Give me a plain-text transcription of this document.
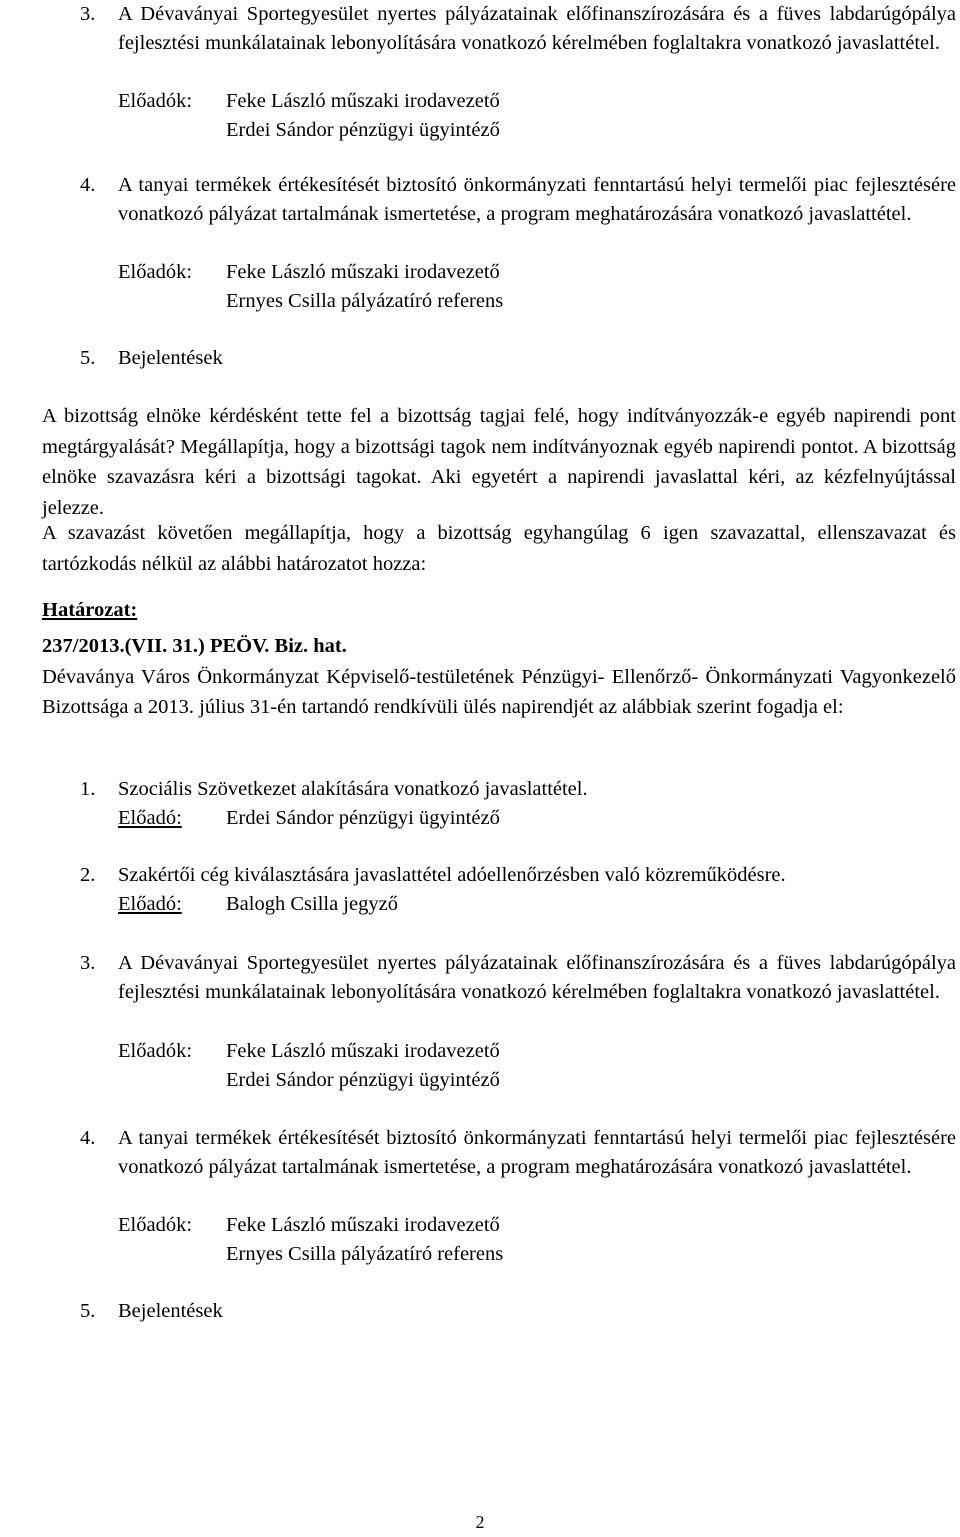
3. A Dévaványai Sportegyesület nyertes pályázatainak előfinanszírozására és a füves labdarúgópálya fejlesztési munkálatainak lebonyolítására vonatkozó kérelmében foglaltakra vonatkozó javaslattétel.
Előadók: Feke László műszaki irodavezető
Erdei Sándor pénzügyi ügyintéző
4. A tanyai termékek értékesítését biztosító önkormányzati fenntartású helyi termelői piac fejlesztésére vonatkozó pályázat tartalmának ismertetése, a program meghatározására vonatkozó javaslattétel.
Előadók: Feke László műszaki irodavezető
Ernyes Csilla pályázatíró referens
5. Bejelentések
A bizottság elnöke kérdésként tette fel a bizottság tagjai felé, hogy indítványozzák-e egyéb napirendi pont megtárgyalását? Megállapítja, hogy a bizottsági tagok nem indítványoznak egyéb napirendi pontot. A bizottság elnöke szavazásra kéri a bizottsági tagokat. Aki egyetért a napirendi javaslattal kéri, az kézfelnyújtással jelezze.
A szavazást követően megállapítja, hogy a bizottság egyhangúlag 6 igen szavazattal, ellenszavazat és tartózkodás nélkül az alábbi határozatot hozza:
Határozat:
237/2013.(VII. 31.) PEÖV. Biz. hat.
Dévaványa Város Önkormányzat Képviselő-testületének Pénzügyi- Ellenőrző- Önkormányzati Vagyonkezelő Bizottsága a 2013. július 31-én tartandó rendkívüli ülés napirendjét az alábbiak szerint fogadja el:
1. Szociális Szövetkezet alakítására vonatkozó javaslattétel.
Előadó: Erdei Sándor pénzügyi ügyintéző
2. Szakértői cég kiválasztására javaslattétel adóellenőrzésben való közreműködésre.
Előadó: Balogh Csilla jegyző
3. A Dévaványai Sportegyesület nyertes pályázatainak előfinanszírozására és a füves labdarúgópálya fejlesztési munkálatainak lebonyolítására vonatkozó kérelmében foglaltakra vonatkozó javaslattétel.
Előadók: Feke László műszaki irodavezető
Erdei Sándor pénzügyi ügyintéző
4. A tanyai termékek értékesítését biztosító önkormányzati fenntartású helyi termelői piac fejlesztésére vonatkozó pályázat tartalmának ismertetése, a program meghatározására vonatkozó javaslattétel.
Előadók: Feke László műszaki irodavezető
Ernyes Csilla pályázatíró referens
5. Bejelentések
2
